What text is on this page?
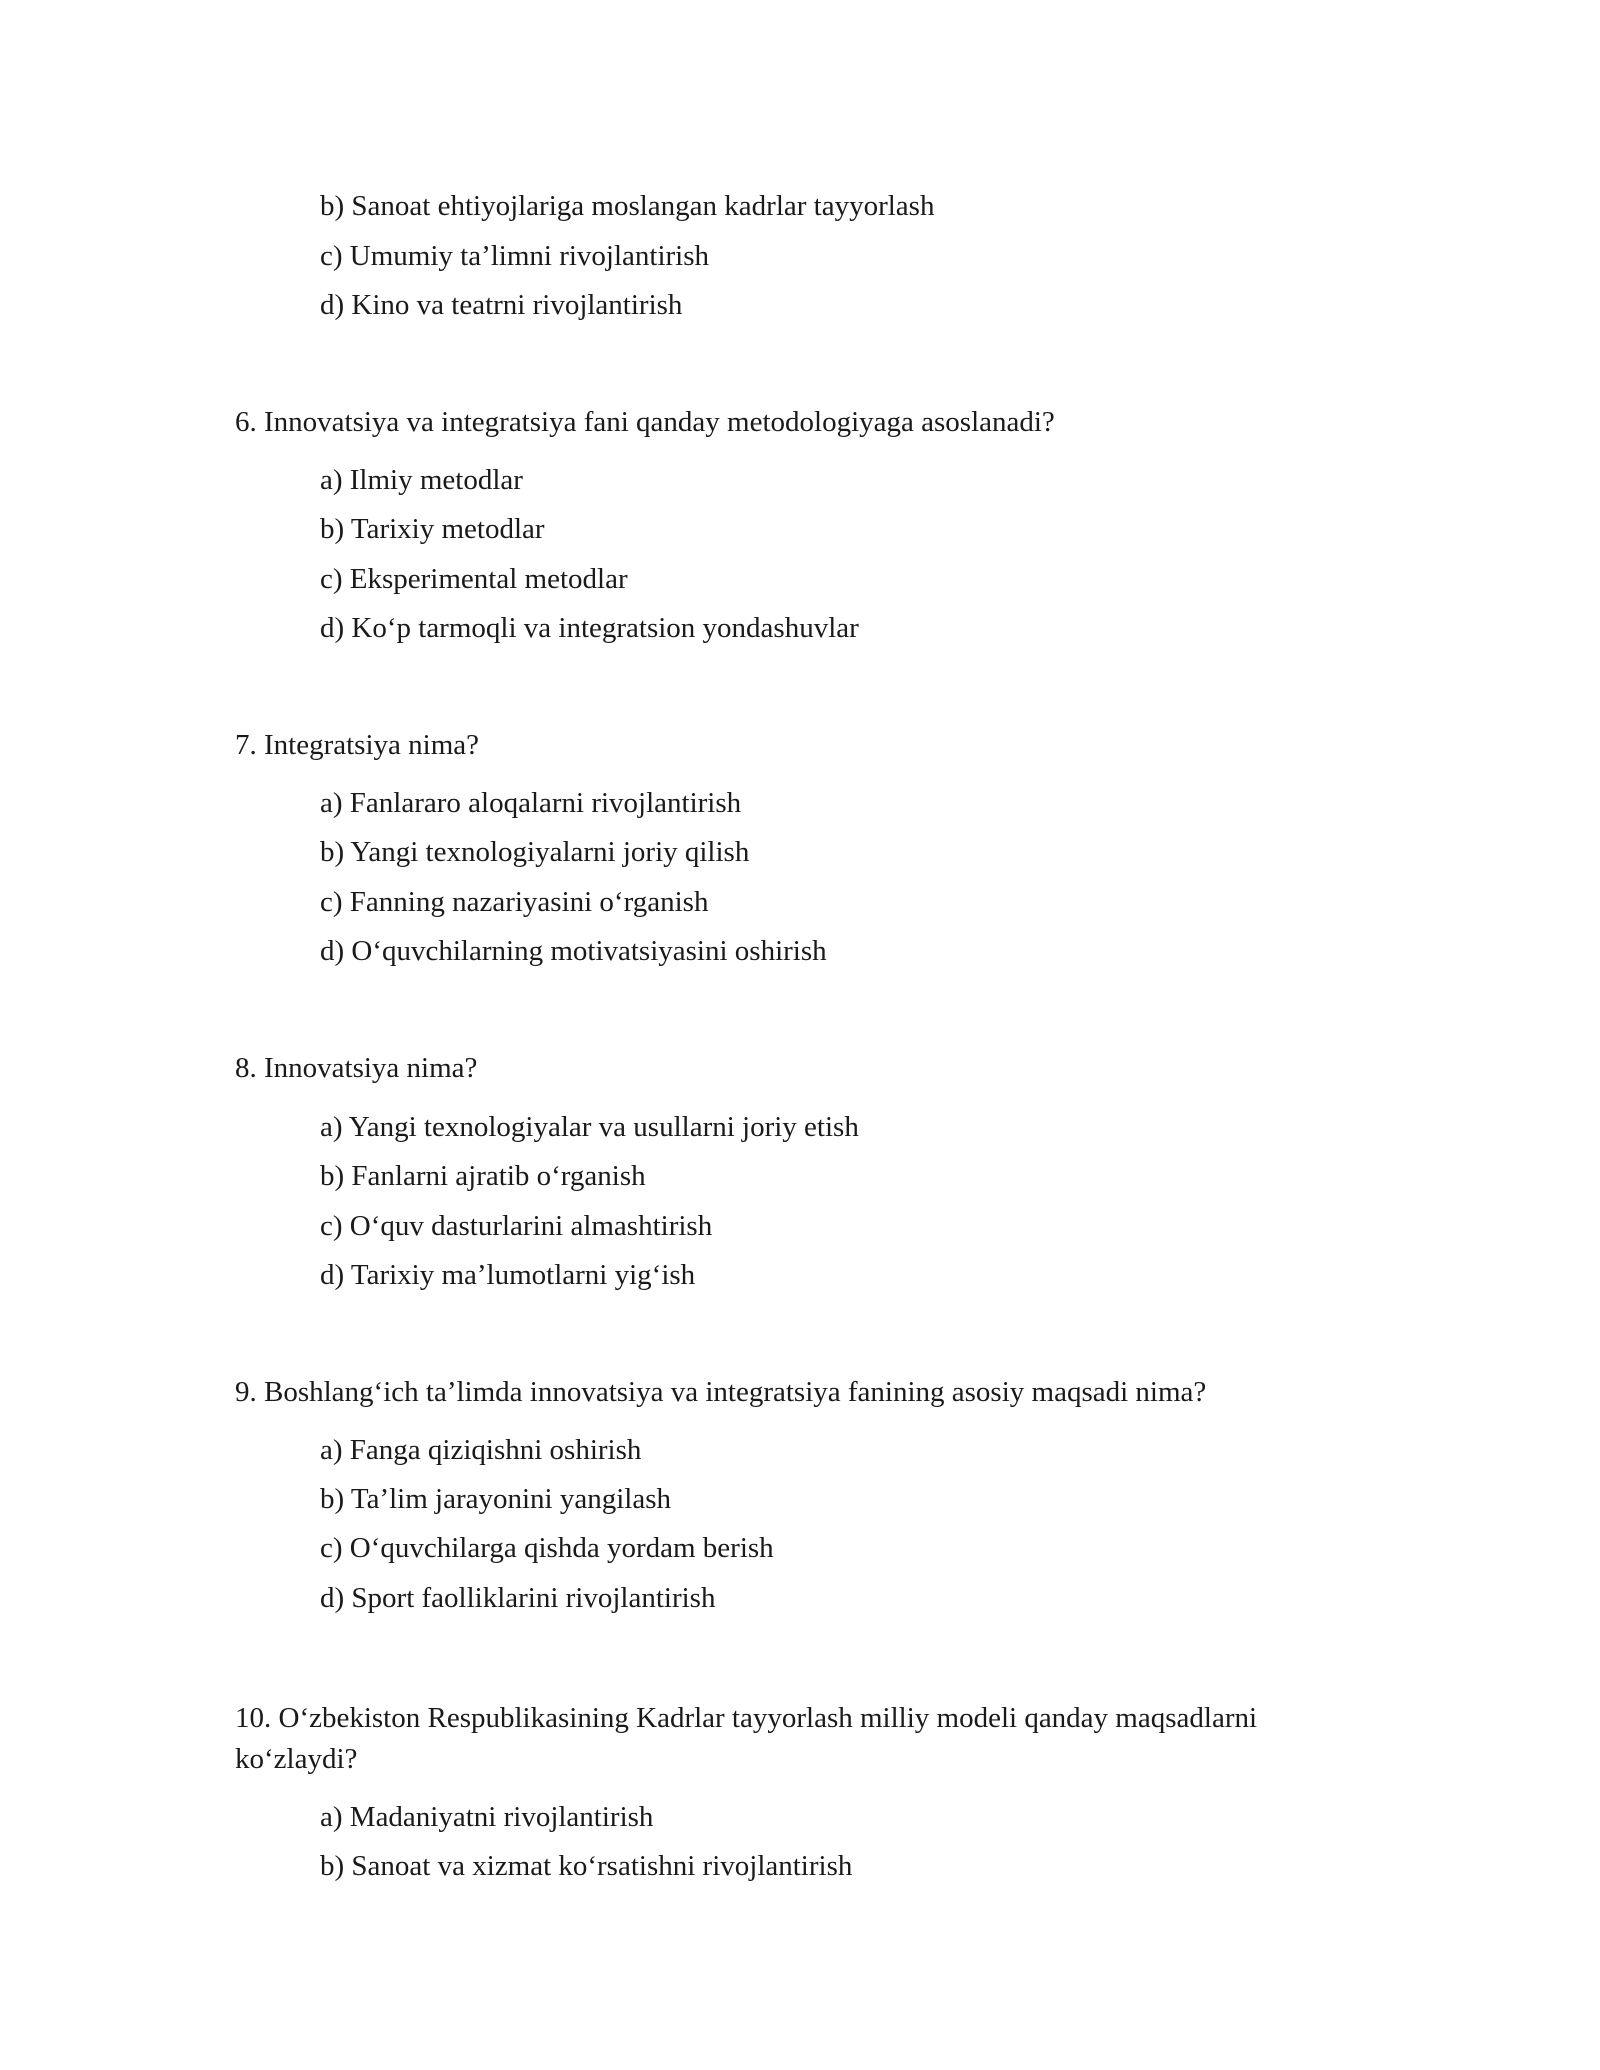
b) Sanoat ehtiyojlariga moslangan kadrlar tayyorlash
c) Umumiy ta’limni rivojlantirish
d) Kino va teatrni rivojlantirish
6. Innovatsiya va integratsiya fani qanday metodologiyaga asoslanadi?
a) Ilmiy metodlar
b) Tarixiy metodlar
c) Eksperimental metodlar
d) Ko‘p tarmoqli va integratsion yondashuvlar
7. Integratsiya nima?
a) Fanlararo aloqalarni rivojlantirish
b) Yangi texnologiyalarni joriy qilish
c) Fanning nazariyasini o‘rganish
d) O‘quvchilarning motivatsiyasini oshirish
8. Innovatsiya nima?
a) Yangi texnologiyalar va usullarni joriy etish
b) Fanlarni ajratib o‘rganish
c) O‘quv dasturlarini almashtirish
d) Tarixiy ma’lumotlarni yig‘ish
9. Boshlang‘ich ta’limda innovatsiya va integratsiya fanining asosiy maqsadi nima?
a) Fanga qiziqishni oshirish
b) Ta’lim jarayonini yangilash
c) O‘quvchilarga qishda yordam berish
d) Sport faolliklarini rivojlantirish
10. O‘zbekiston Respublikasining Kadrlar tayyorlash milliy modeli qanday maqsadlarni ko‘zlaydi?
a) Madaniyatni rivojlantirish
b) Sanoat va xizmat ko‘rsatishni rivojlantirish
